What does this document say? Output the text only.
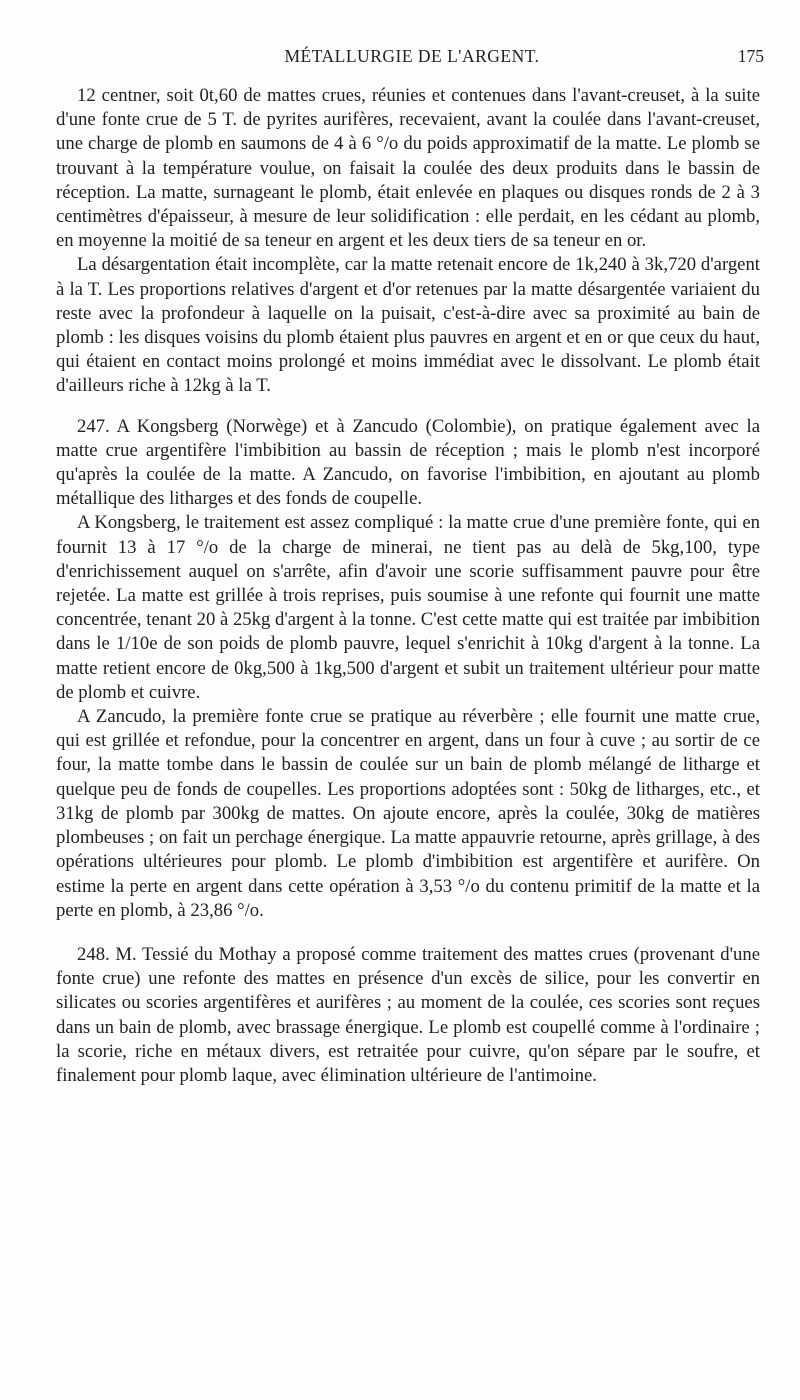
MÉTALLURGIE DE L'ARGENT.	175

12 centner, soit 0t,60 de mattes crues, réunies et contenues dans l'avant-creuset, à la suite d'une fonte crue de 5 T. de pyrites aurifères, recevaient, avant la coulée dans l'avant-creuset, une charge de plomb en saumons de 4 à 6 °/o du poids approximatif de la matte. Le plomb se trouvant à la température voulue, on faisait la coulée des deux produits dans le bassin de réception. La matte, surnageant le plomb, était enlevée en plaques ou disques ronds de 2 à 3 centimètres d'épaisseur, à mesure de leur solidification : elle perdait, en les cédant au plomb, en moyenne la moitié de sa teneur en argent et les deux tiers de sa teneur en or.

La désargentation était incomplète, car la matte retenait encore de 1k,240 à 3k,720 d'argent à la T. Les proportions relatives d'argent et d'or retenues par la matte désargentée variaient du reste avec la profondeur à laquelle on la puisait, c'est-à-dire avec sa proximité au bain de plomb : les disques voisins du plomb étaient plus pauvres en argent et en or que ceux du haut, qui étaient en contact moins prolongé et moins immédiat avec le dissolvant. Le plomb était d'ailleurs riche à 12kg à la T.

247. A Kongsberg (Norwège) et à Zancudo (Colombie), on pratique également avec la matte crue argentifère l'imbibition au bassin de réception ; mais le plomb n'est incorporé qu'après la coulée de la matte. A Zancudo, on favorise l'imbibition, en ajoutant au plomb métallique des litharges et des fonds de coupelle.

A Kongsberg, le traitement est assez compliqué : la matte crue d'une première fonte, qui en fournit 13 à 17 °/o de la charge de minerai, ne tient pas au delà de 5kg,100, type d'enrichissement auquel on s'arrête, afin d'avoir une scorie suffisamment pauvre pour être rejetée. La matte est grillée à trois reprises, puis soumise à une refonte qui fournit une matte concentrée, tenant 20 à 25kg d'argent à la tonne. C'est cette matte qui est traitée par imbibition dans le 1/10e de son poids de plomb pauvre, lequel s'enrichit à 10kg d'argent à la tonne. La matte retient encore de 0kg,500 à 1kg,500 d'argent et subit un traitement ultérieur pour matte de plomb et cuivre.

A Zancudo, la première fonte crue se pratique au réverbère ; elle fournit une matte crue, qui est grillée et refondue, pour la concentrer en argent, dans un four à cuve ; au sortir de ce four, la matte tombe dans le bassin de coulée sur un bain de plomb mélangé de litharge et quelque peu de fonds de coupelles. Les proportions adoptées sont : 50kg de litharges, etc., et 31kg de plomb par 300kg de mattes. On ajoute encore, après la coulée, 30kg de matières plombeuses ; on fait un perchage énergique. La matte appauvrie retourne, après grillage, à des opérations ultérieures pour plomb. Le plomb d'imbibition est argentifère et aurifère. On estime la perte en argent dans cette opération à 3,53 °/o du contenu primitif de la matte et la perte en plomb, à 23,86 °/o.

248. M. Tessié du Mothay a proposé comme traitement des mattes crues (provenant d'une fonte crue) une refonte des mattes en présence d'un excès de silice, pour les convertir en silicates ou scories argentifères et aurifères ; au moment de la coulée, ces scories sont reçues dans un bain de plomb, avec brassage énergique. Le plomb est coupellé comme à l'ordinaire ; la scorie, riche en métaux divers, est retraitée pour cuivre, qu'on sépare par le soufre, et finalement pour plomb laque, avec élimination ultérieure de l'antimoine.
